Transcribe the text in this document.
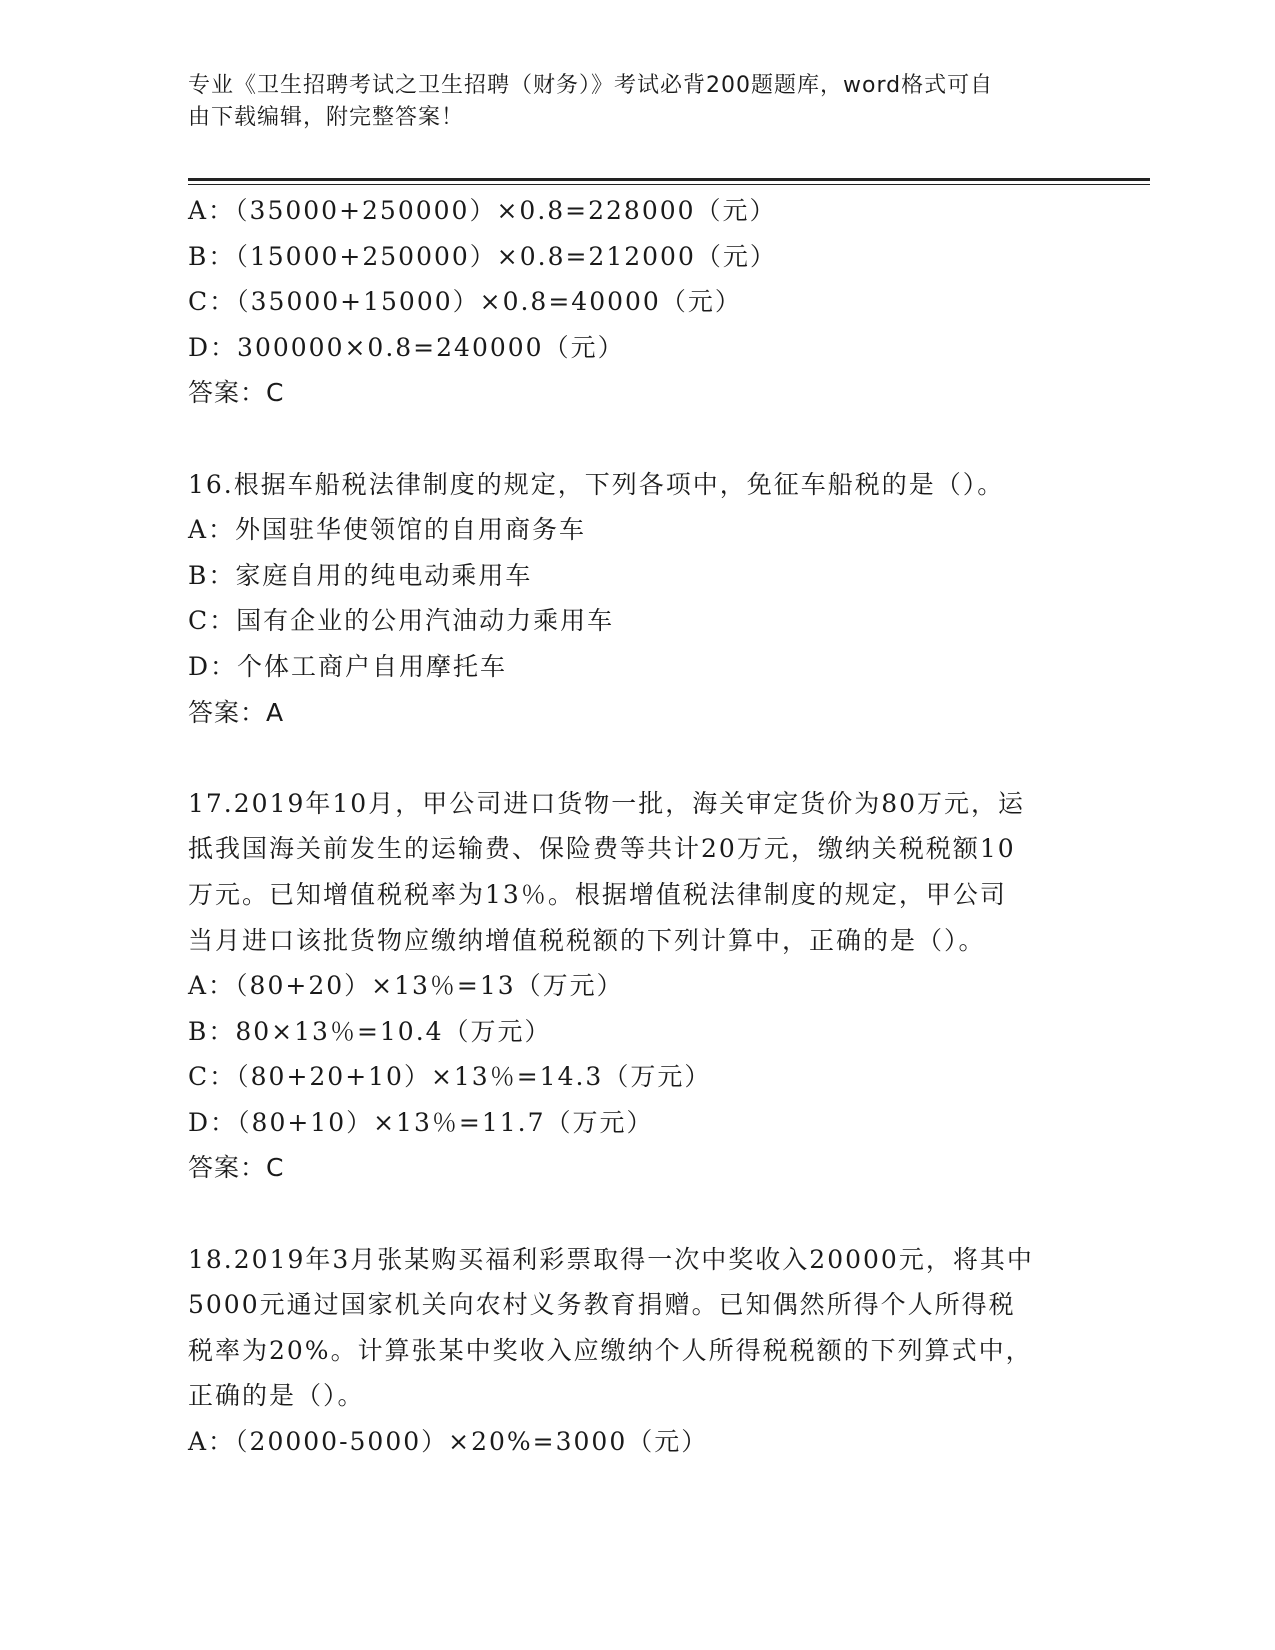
专业《卫生招聘考试之卫生招聘（财务）》考试必背200题题库，word格式可自
由下载编辑，附完整答案！
A：（35000+250000）×0.8=228000（元）
B：（15000+250000）×0.8=212000（元）
C：（35000+15000）×0.8=40000（元）
D：300000×0.8=240000（元）
答案：C
16.根据车船税法律制度的规定，下列各项中，免征车船税的是（）。
A：外国驻华使领馆的自用商务车
B：家庭自用的纯电动乘用车
C：国有企业的公用汽油动力乘用车
D：个体工商户自用摩托车
答案：A
17.2019年10月，甲公司进口货物一批，海关审定货价为80万元，运
抵我国海关前发生的运输费、保险费等共计20万元，缴纳关税税额10
万元。已知增值税税率为13％。根据增值税法律制度的规定，甲公司
当月进口该批货物应缴纳增值税税额的下列计算中，正确的是（）。
A：（80+20）×13％=13（万元）
B：80×13％=10.4（万元）
C：（80+20+10）×13％=14.3（万元）
D：（80+10）×13％=11.7（万元）
答案：C
18.2019年3月张某购买福利彩票取得一次中奖收入20000元，将其中
5000元通过国家机关向农村义务教育捐赠。已知偶然所得个人所得税
税率为20%。计算张某中奖收入应缴纳个人所得税税额的下列算式中，
正确的是（）。
A：（20000-5000）×20%=3000（元）
